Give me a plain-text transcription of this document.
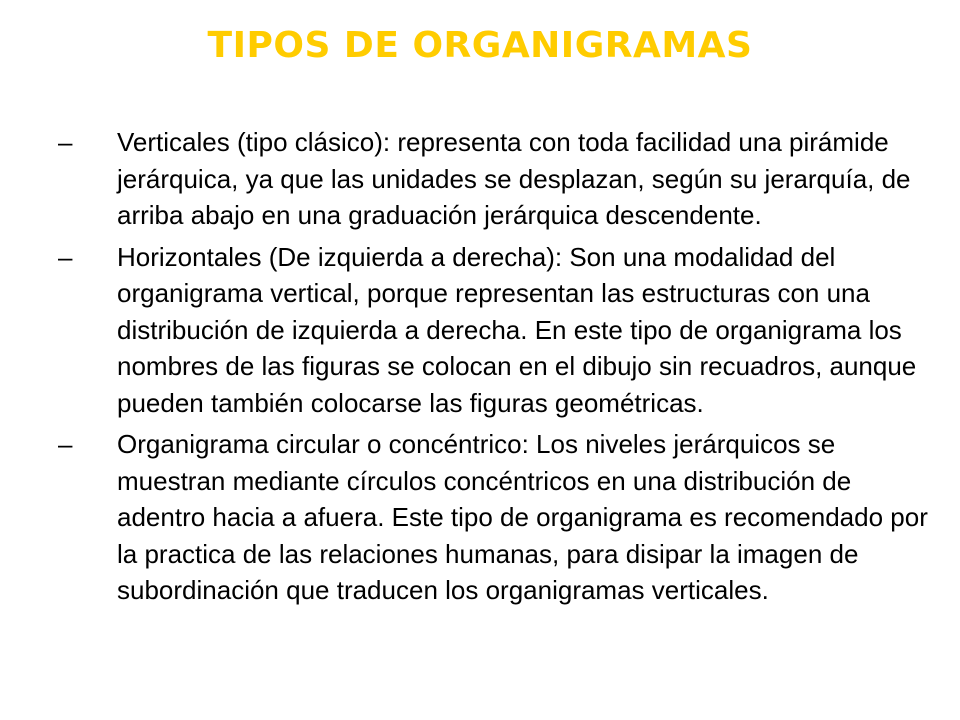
TIPOS DE ORGANIGRAMAS
–	Verticales (tipo clásico): representa con toda facilidad una pirámide jerárquica, ya que las unidades se desplazan, según su jerarquía, de arriba abajo en una graduación jerárquica descendente.
–	Horizontales (De izquierda a derecha): Son una modalidad del organigrama vertical, porque representan las estructuras con una distribución de izquierda a derecha. En este tipo de organigrama los nombres de las figuras se colocan en el dibujo sin recuadros, aunque pueden también colocarse las figuras geométricas.
–	Organigrama circular o concéntrico: Los niveles jerárquicos se muestran mediante círculos concéntricos en una distribución de adentro hacia a afuera. Este tipo de organigrama es recomendado por la practica de las relaciones humanas, para disipar la imagen de subordinación que traducen los organigramas verticales.
